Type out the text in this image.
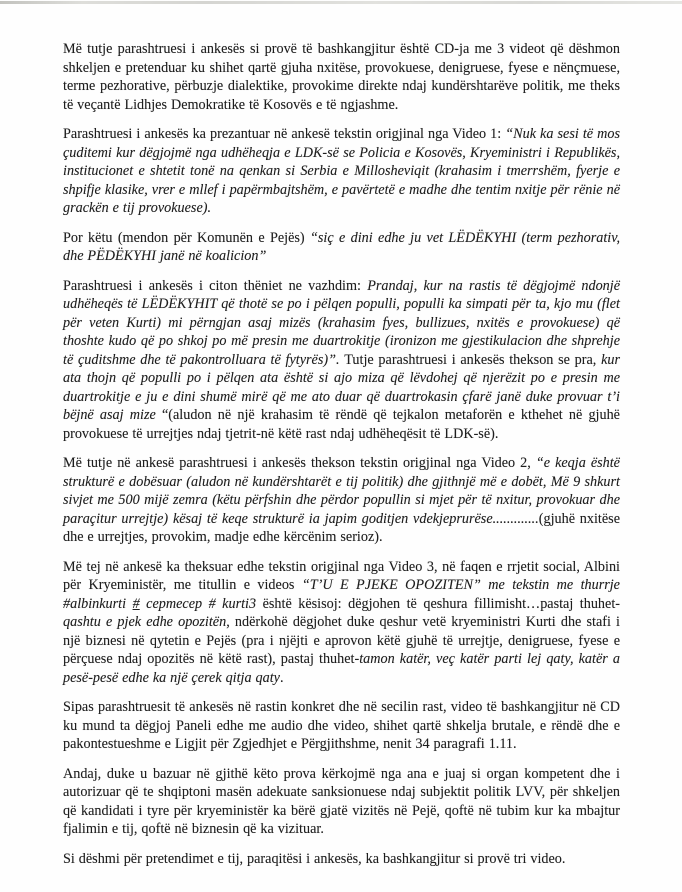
Më tutje parashtruesi i ankesës si provë të bashkangjitur është CD-ja me 3 videot që dëshmon shkeljen e pretenduar ku shihet qartë gjuha nxitëse, provokuese, denigruese, fyese e nënçmuese, terme pezhorative, përbuzje dialektike, provokime direkte ndaj kundërshtarëve politik, me theks të veçantë Lidhjes Demokratike të Kosovës e të ngjashme.

Parashtruesi i ankesës ka prezantuar në ankesë tekstin origjinal nga Video 1: “Nuk ka sesi të mos çuditemi kur dëgjojmë nga udhëheqja e LDK-së se Policia e Kosovës, Kryeministri i Republikës, institucionet e shtetit tonë na qenkan si Serbia e Millosheviqit (krahasim i tmerrshëm, fyerje e shpifje klasike, vrer e mllef i papërmbajtshëm, e pavërtetë e madhe dhe tentim nxitje për rënie në grackën e tij provokuese).

Por këtu (mendon për Komunën e Pejës) “siç e dini edhe ju vet LËDËKYHI (term pezhorativ, dhe PËDËKYHI janë në koalicion”

Parashtruesi i ankesës i citon thëniet ne vazhdim: Prandaj, kur na rastis të dëgjojmë ndonjë udhëheqës të LËDËKYHIT që thotë se po i pëlqen populli, populli ka simpati për ta, kjo mu (flet për veten Kurti) mi përngjan asaj mizës (krahasim fyes, bullizues, nxitës e provokuese) që thoshte kudo që po shkoj po më presin me duartrokitje (ironizon me gjestikulacion dhe shprehje të çuditshme dhe të pakontrolluara të fytyrës)”. Tutje parashtruesi i ankesës thekson se pra, kur ata thojn që populli po i pëlqen ata është si ajo miza që lëvdohej që njerëzit po e presin me duartrokitje e ju e dini shumë mirë që me ato duar që duartrokasin çfarë janë duke provuar t’i bëjnë asaj mize “(aludon në një krahasim të rëndë që tejkalon metaforën e kthehet në gjuhë provokuese të urrejtjes ndaj tjetrit-në këtë rast ndaj udhëheqësit të LDK-së).

Më tutje në ankesë parashtruesi i ankesës thekson tekstin origjinal nga Video 2, “e keqja është strukturë e dobësuar (aludon në kundërshtarët e tij politik) dhe gjithnjë më e dobët, Më 9 shkurt sivjet me 500 mijë zemra (këtu përfshin dhe përdor popullin si mjet për të nxitur, provokuar dhe paraçitur urrejtje) kësaj të keqe strukturë ia japim goditjen vdekjeprurëse.............(gjuhë nxitëse dhe e urrejtjes, provokim, madje edhe kërcënim serioz).

Më tej në ankesë ka theksuar edhe tekstin origjinal nga Video 3, në faqen e rrjetit social, Albini për Kryeministër, me titullin e videos “T’U E PJEKE OPOZITEN” me tekstin me thurrje #albinkurti # cepmecep # kurti3 është kësisoj: dëgjohen të qeshura fillimisht…pastaj thuhet-qashtu e pjek edhe opozitën, ndërkohë dëgjohet duke qeshur vetë kryeministri Kurti dhe stafi i një biznesi në qytetin e Pejës (pra i njëjti e aprovon këtë gjuhë të urrejtje, denigruese, fyese e përçuese ndaj opozitës në këtë rast), pastaj thuhet-tamon katër, veç katër parti lej qaty, katër a pesë-pesë edhe ka një çerek qitja qaty.

Sipas parashtruesit të ankesës në rastin konkret dhe në secilin rast, video të bashkangjitur në CD ku mund ta dëgjoj Paneli edhe me audio dhe video, shihet qartë shkelja brutale, e rëndë dhe e pakontestueshme e Ligjit për Zgjedhjet e Përgjithshme, nenit 34 paragrafi 1.11.

Andaj, duke u bazuar në gjithë këto prova kërkojmë nga ana e juaj si organ kompetent dhe i autorizuar që te shqiptoni masën adekuate sanksionuese ndaj subjektit politik LVV, për shkeljen që kandidati i tyre për kryeministër ka bërë gjatë vizitës në Pejë, qoftë në tubim kur ka mbajtur fjalimin e tij, qoftë në biznesin që ka vizituar.

Si dëshmi për pretendimet e tij, paraqitësi i ankesës, ka bashkangjitur si provë tri video.
